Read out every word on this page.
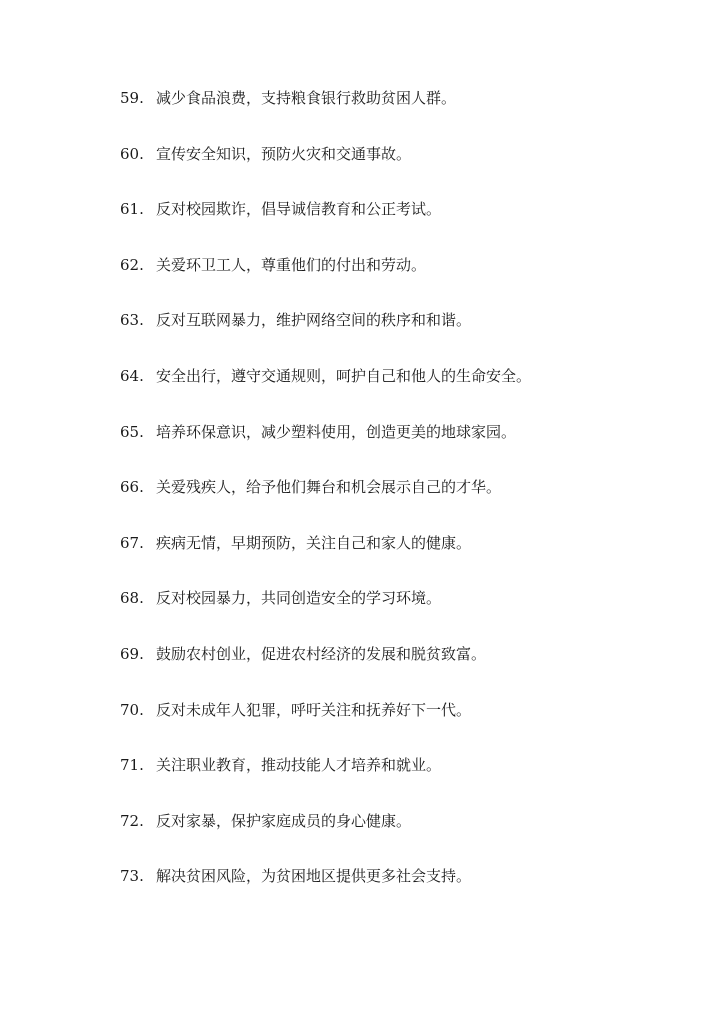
59. 减少食品浪费，支持粮食银行救助贫困人群。
60. 宣传安全知识，预防火灾和交通事故。
61. 反对校园欺诈，倡导诚信教育和公正考试。
62. 关爱环卫工人，尊重他们的付出和劳动。
63. 反对互联网暴力，维护网络空间的秩序和和谐。
64. 安全出行，遵守交通规则，呵护自己和他人的生命安全。
65. 培养环保意识，减少塑料使用，创造更美的地球家园。
66. 关爱残疾人，给予他们舞台和机会展示自己的才华。
67. 疾病无情，早期预防，关注自己和家人的健康。
68. 反对校园暴力，共同创造安全的学习环境。
69. 鼓励农村创业，促进农村经济的发展和脱贫致富。
70. 反对未成年人犯罪，呼吁关注和抚养好下一代。
71. 关注职业教育，推动技能人才培养和就业。
72. 反对家暴，保护家庭成员的身心健康。
73. 解决贫困风险，为贫困地区提供更多社会支持。
